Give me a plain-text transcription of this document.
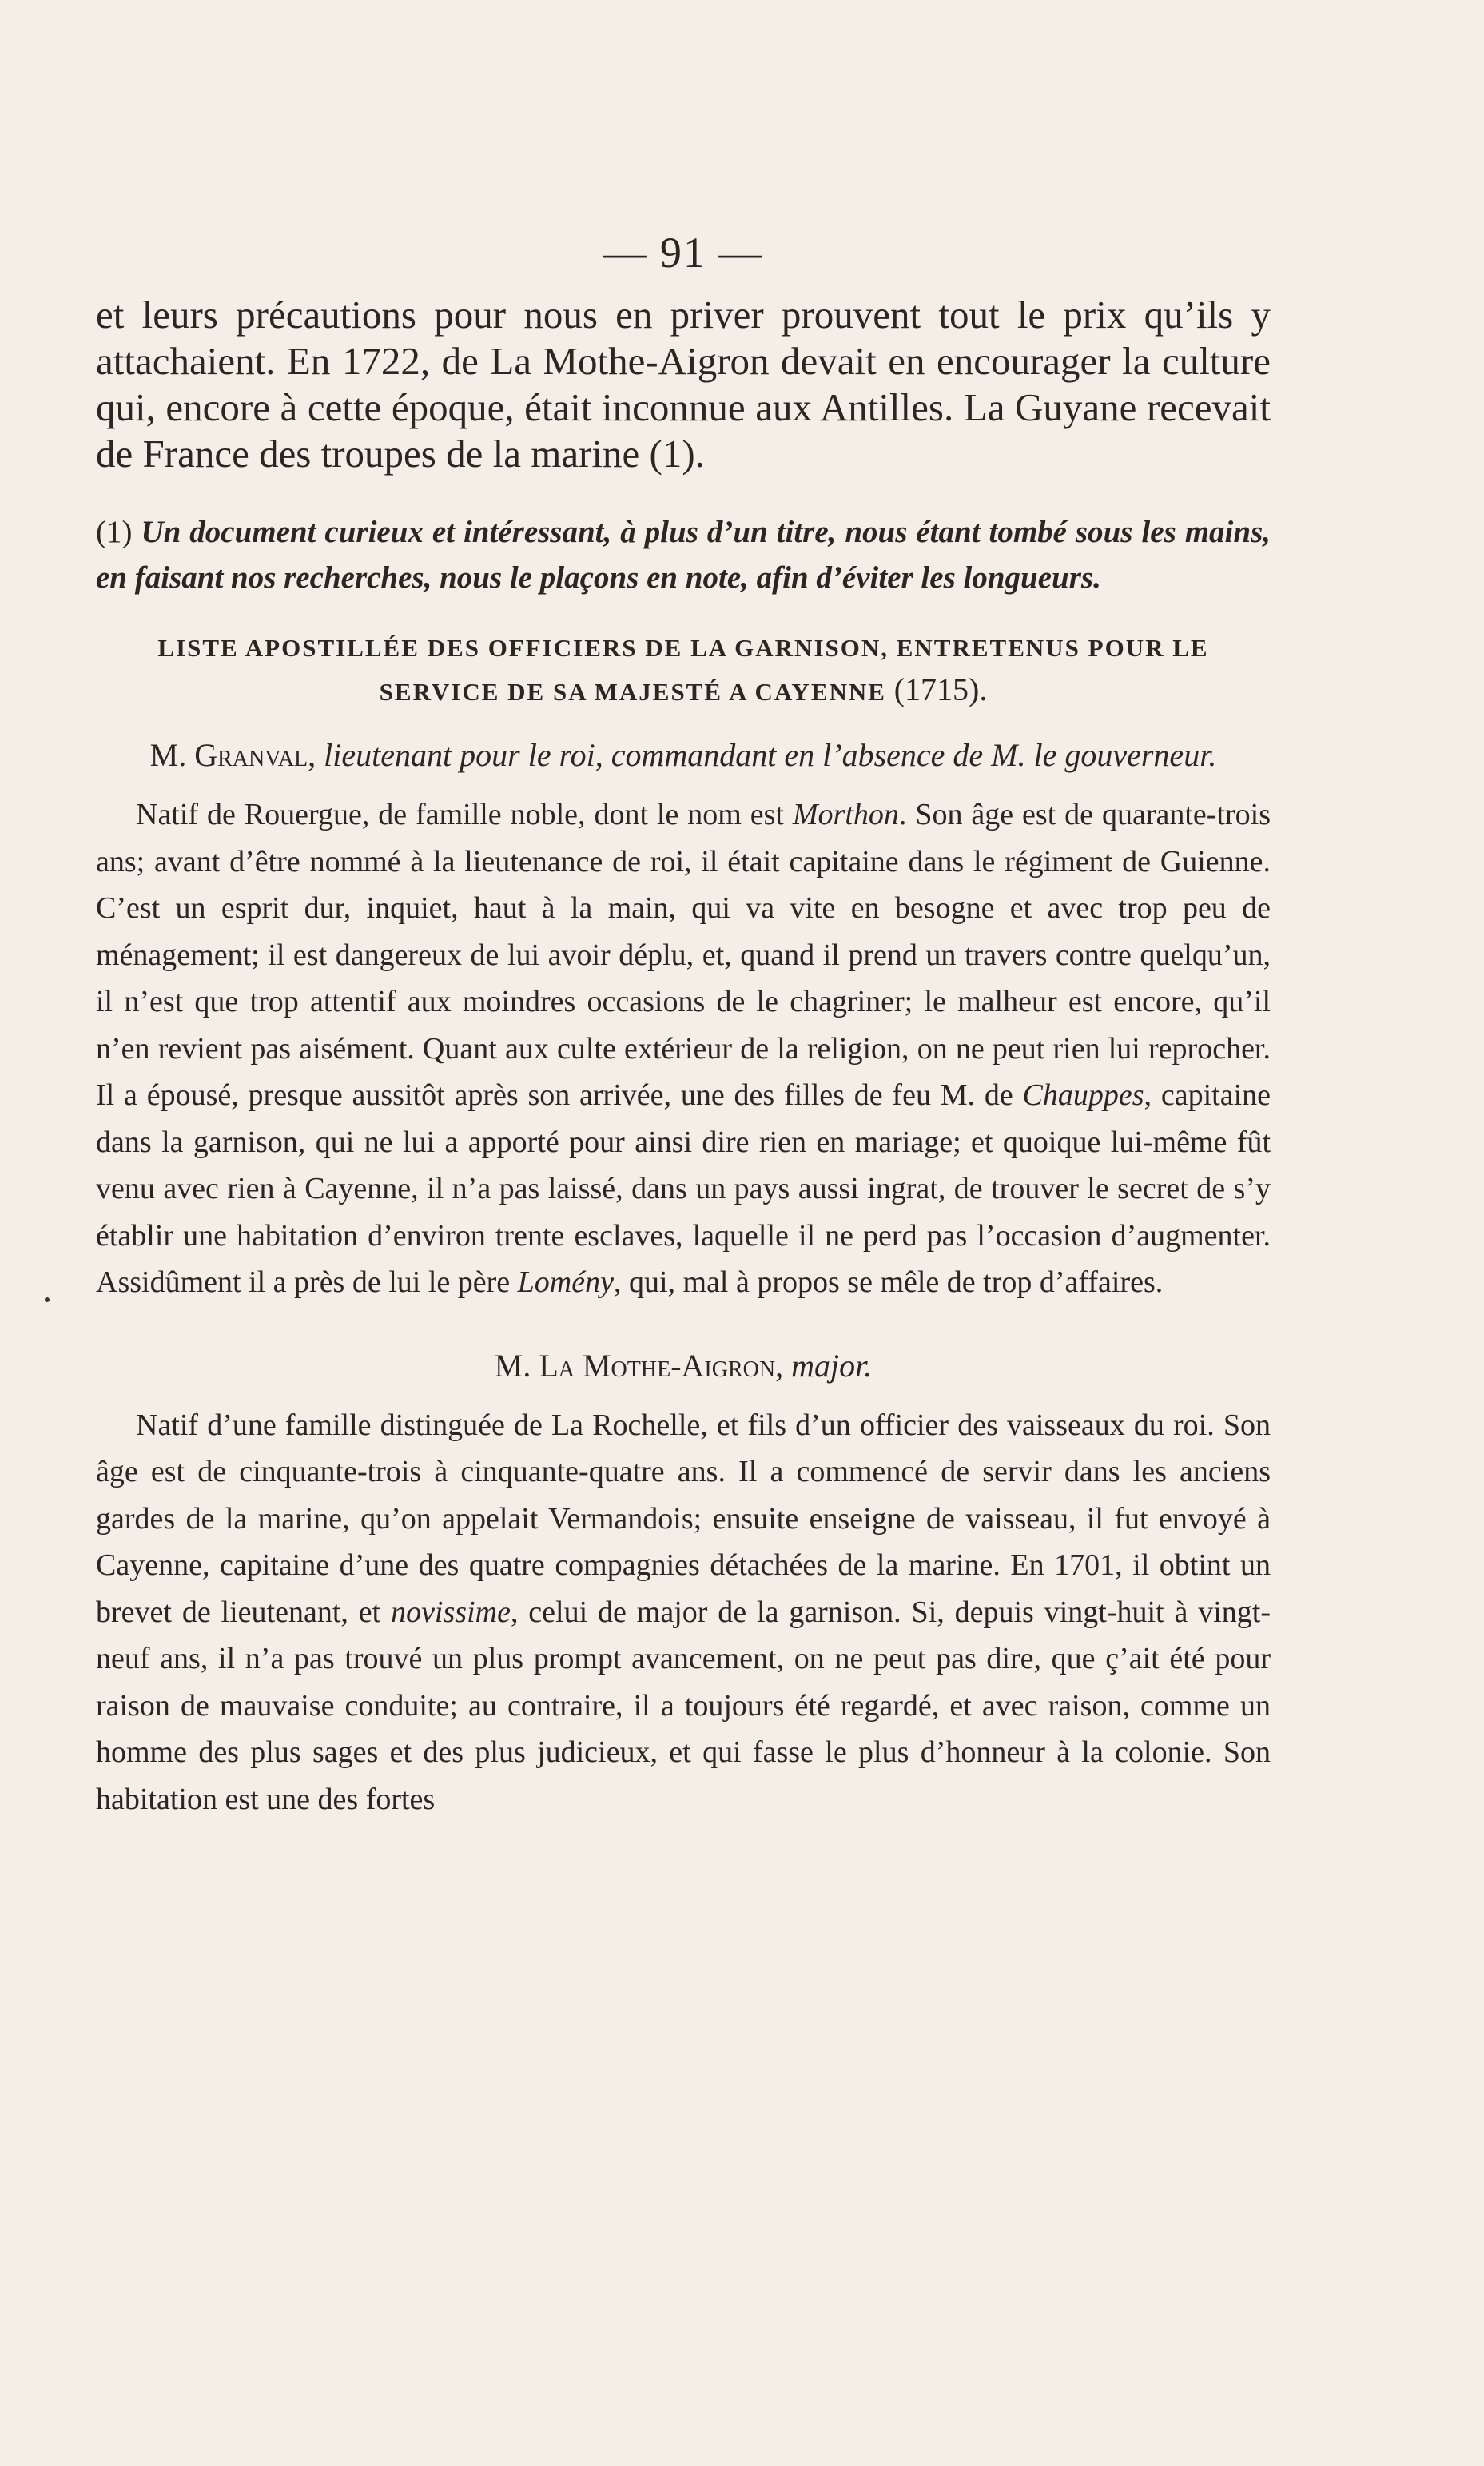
— 91 —

et leurs précautions pour nous en priver prouvent tout le prix qu’ils y attachaient. En 1722, de La Mothe-Aigron devait en encourager la culture qui, encore à cette époque, était inconnue aux Antilles. La Guyane recevait de France des troupes de la marine (1).

(1) Un document curieux et intéressant, à plus d’un titre, nous étant tombé sous les mains, en faisant nos recherches, nous le plaçons en note, afin d’éviter les longueurs.

LISTE APOSTILLÉE DES OFFICIERS DE LA GARNISON, ENTRETENUS POUR LE SERVICE DE SA MAJESTÉ A CAYENNE (1715).

M. Granval, lieutenant pour le roi, commandant en l’absence de M. le gouverneur.

Natif de Rouergue, de famille noble, dont le nom est Morthon. Son âge est de quarante-trois ans; avant d’être nommé à la lieutenance de roi, il était capitaine dans le régiment de Guienne. C’est un esprit dur, inquiet, haut à la main, qui va vite en besogne et avec trop peu de ménagement; il est dangereux de lui avoir déplu, et, quand il prend un travers contre quelqu’un, il n’est que trop attentif aux moindres occasions de le chagriner; le malheur est encore, qu’il n’en revient pas aisément. Quant aux culte extérieur de la religion, on ne peut rien lui reprocher. Il a épousé, presque aussitôt après son arrivée, une des filles de feu M. de Chauppes, capitaine dans la garnison, qui ne lui a apporté pour ainsi dire rien en mariage; et quoique lui-même fût venu avec rien à Cayenne, il n’a pas laissé, dans un pays aussi ingrat, de trouver le secret de s’y établir une habitation d’environ trente esclaves, laquelle il ne perd pas l’occasion d’augmenter. Assidûment il a près de lui le père Lomény, qui, mal à propos se mêle de trop d’affaires.

M. La Mothe-Aigron, major.

Natif d’une famille distinguée de La Rochelle, et fils d’un officier des vaisseaux du roi. Son âge est de cinquante-trois à cinquante-quatre ans. Il a commencé de servir dans les anciens gardes de la marine, qu’on appelait Vermandois; ensuite enseigne de vaisseau, il fut envoyé à Cayenne, capitaine d’une des quatre compagnies détachées de la marine. En 1701, il obtint un brevet de lieutenant, et novissime, celui de major de la garnison. Si, depuis vingt-huit à vingt-neuf ans, il n’a pas trouvé un plus prompt avancement, on ne peut pas dire, que ç’ait été pour raison de mauvaise conduite; au contraire, il a toujours été regardé, et avec raison, comme un homme des plus sages et des plus judicieux, et qui fasse le plus d’honneur à la colonie. Son habitation est une des fortes
